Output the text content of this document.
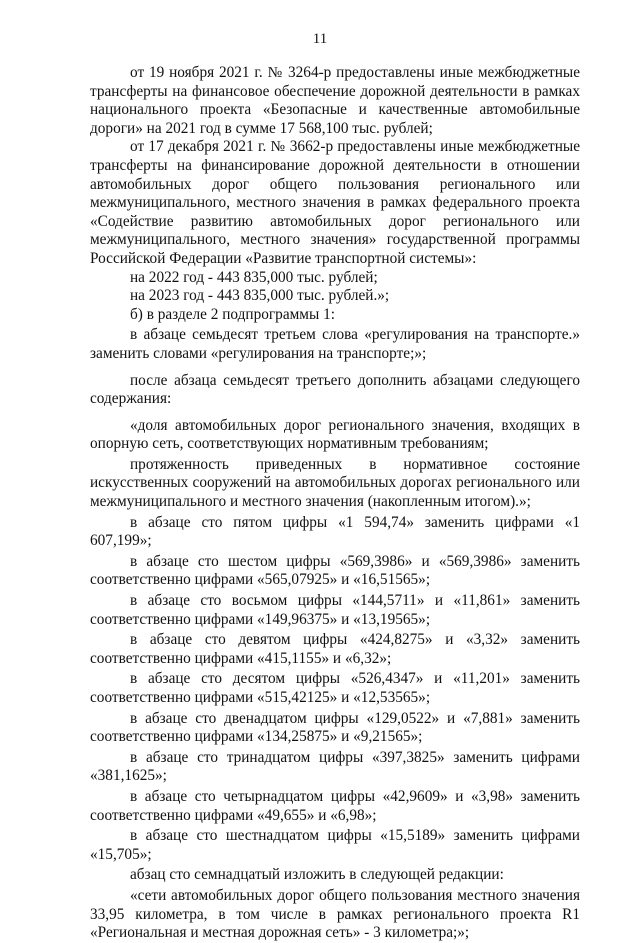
11

от 19 ноября 2021 г. № 3264-р предоставлены иные межбюджетные трансферты на финансовое обеспечение дорожной деятельности в рамках национального проекта «Безопасные и качественные автомобильные дороги» на 2021 год в сумме 17 568,100 тыс. рублей;

от 17 декабря 2021 г. № 3662-р предоставлены иные межбюджетные трансферты на финансирование дорожной деятельности в отношении автомобильных дорог общего пользования регионального или межмуниципального, местного значения в рамках федерального проекта «Содействие развитию автомобильных дорог регионального или межмуниципального, местного значения» государственной программы Российской Федерации «Развитие транспортной системы»:

на 2022 год - 443 835,000 тыс. рублей;

на 2023 год - 443 835,000 тыс. рублей.»;

б) в разделе 2 подпрограммы 1:

в абзаце семьдесят третьем слова «регулирования на транспорте.» заменить словами «регулирования на транспорте;»;

после абзаца семьдесят третьего дополнить абзацами следующего содержания:

«доля автомобильных дорог регионального значения, входящих в опорную сеть, соответствующих нормативным требованиям;

протяженность приведенных в нормативное состояние искусственных сооружений на автомобильных дорогах регионального или межмуниципального и местного значения (накопленным итогом).»;

в абзаце сто пятом цифры «1 594,74» заменить цифрами «1 607,199»;

в абзаце сто шестом цифры «569,3986» и «569,3986» заменить соответственно цифрами «565,07925» и «16,51565»;

в абзаце сто восьмом цифры «144,5711» и «11,861» заменить соответственно цифрами «149,96375» и «13,19565»;

в абзаце сто девятом цифры «424,8275» и «3,32» заменить соответственно цифрами «415,1155» и «6,32»;

в абзаце сто десятом цифры «526,4347» и «11,201» заменить соответственно цифрами «515,42125» и «12,53565»;

в абзаце сто двенадцатом цифры «129,0522» и «7,881» заменить соответственно цифрами «134,25875» и «9,21565»;

в абзаце сто тринадцатом цифры «397,3825» заменить цифрами «381,1625»;

в абзаце сто четырнадцатом цифры «42,9609» и «3,98» заменить соответственно цифрами «49,655» и «6,98»;

в абзаце сто шестнадцатом цифры «15,5189» заменить цифрами «15,705»;

абзац сто семнадцатый изложить в следующей редакции:

«сети автомобильных дорог общего пользования местного значения 33,95 километра, в том числе в рамках регионального проекта R1 «Региональная и местная дорожная сеть» - 3 километра;»;
